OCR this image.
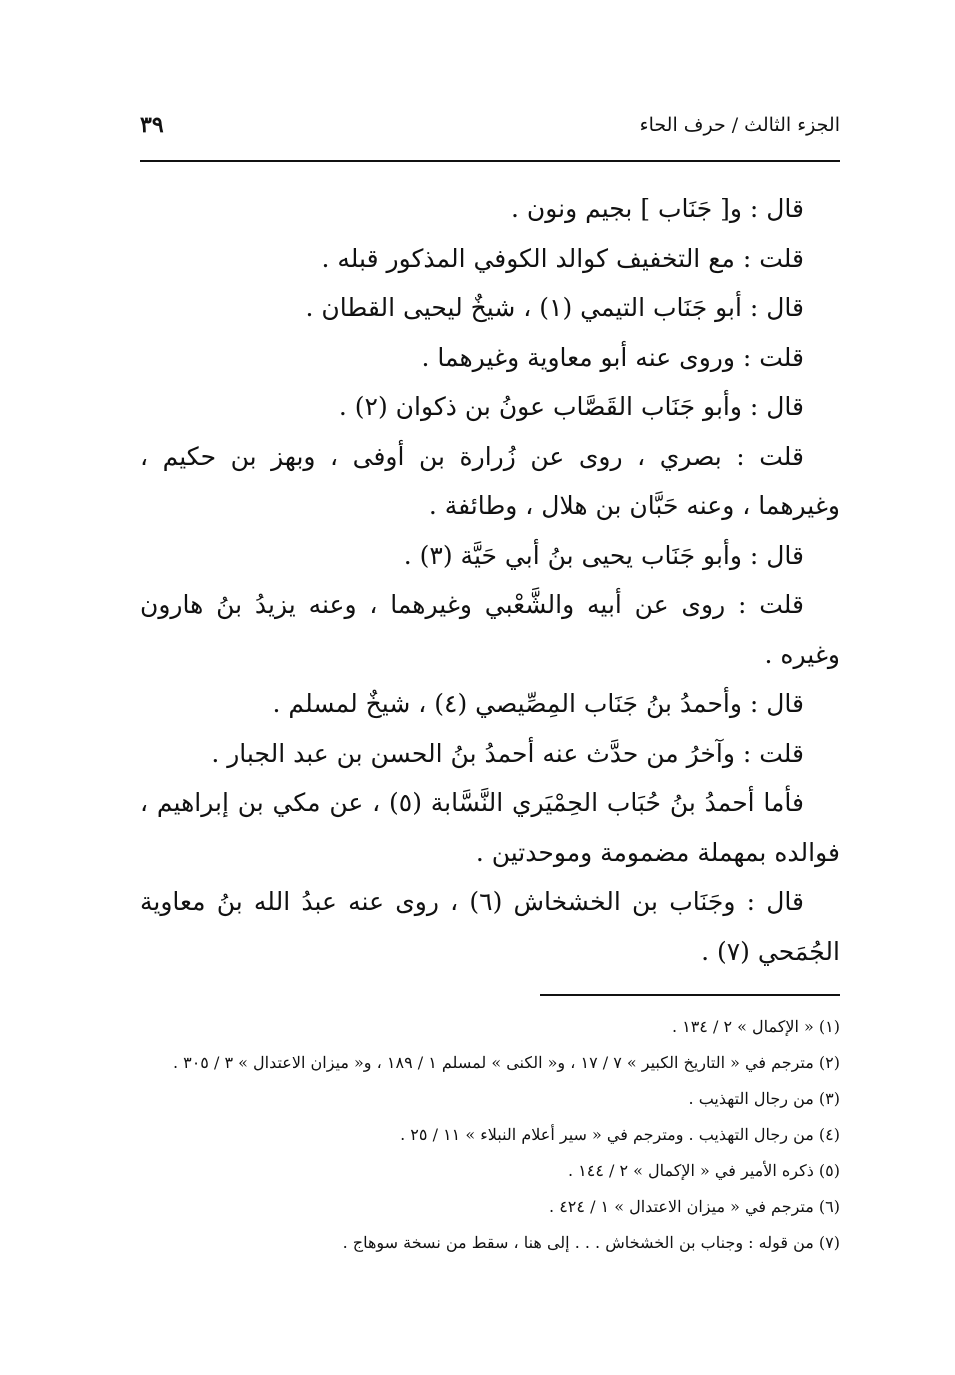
الجزء الثالث / حرف الحاء
٣٩

قال : و[ جَنَاب ] بجيم ونون .

قلت : مع التخفيف كوالد الكوفي المذكور قبله .

قال : أبو جَنَاب التيمي (١) ، شيخٌ ليحيى القطان .

قلت : وروى عنه أبو معاوية وغيرهما .

قال : وأبو جَنَاب القَصَّاب عونُ بن ذكوان (٢) .

قلت : بصري ، روى عن زُرارة بن أوفى ، وبهز بن حكيم ، وغيرهما ، وعنه حَبَّان بن هلال ، وطائفة .

قال : وأبو جَنَاب يحيى بنُ أبي حَيَّة (٣) .

قلت : روى عن أبيه والشَّعْبي وغيرهما ، وعنه يزيدُ بنُ هارون وغيره .

قال : وأحمدُ بنُ جَنَاب المِصِّيصي (٤) ، شيخٌ لمسلم .

قلت : وآخرُ من حدَّث عنه أحمدُ بنُ الحسن بن عبد الجبار .

فأما أحمدُ بنُ حُبَاب الحِمْيَري النَّسَّابة (٥) ، عن مكي بن إبراهيم ، فوالده بمهملة مضمومة وموحدتين .

قال : وجَنَاب بن الخشخاش (٦) ، روى عنه عبدُ الله بنُ معاوية الجُمَحي (٧) .

(١) « الإكمال » ٢ / ١٣٤ .

(٢) مترجم في « التاريخ الكبير » ٧ / ١٧ ، و« الكنى » لمسلم ١ / ١٨٩ ، و« ميزان الاعتدال » ٣ / ٣٠٥ .

(٣) من رجال التهذيب .

(٤) من رجال التهذيب . ومترجم في « سير أعلام النبلاء » ١١ / ٢٥ .

(٥) ذكره الأمير في « الإكمال » ٢ / ١٤٤ .

(٦) مترجم في « ميزان الاعتدال » ١ / ٤٢٤ .

(٧) من قوله : وجناب بن الخشخاش . . . إلى هنا ، سقط من نسخة سوهاج .
